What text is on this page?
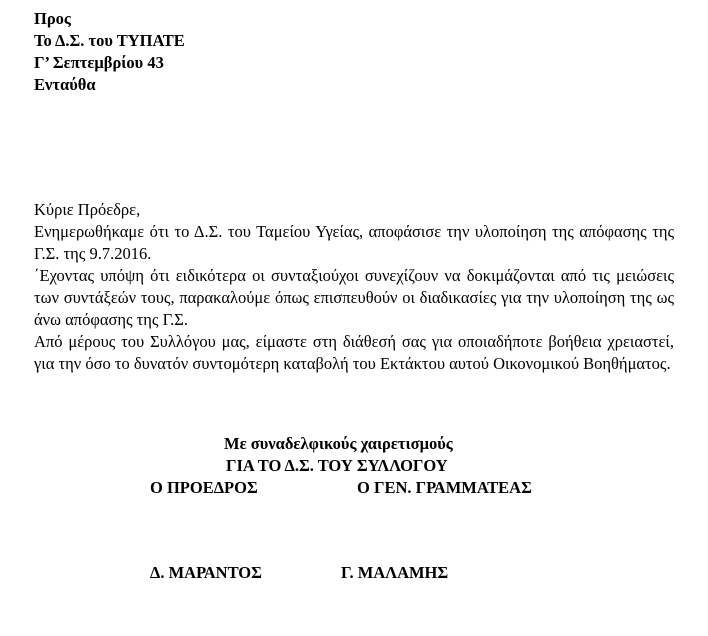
Προς
Το Δ.Σ. του ΤΥΠΑΤΕ
Γ’ Σεπτεμβρίου 43
Ενταύθα

Κύριε Πρόεδρε,

Ενημερωθήκαμε ότι το Δ.Σ. του Ταμείου Υγείας, αποφάσισε την υλοποίηση της απόφασης της Γ.Σ. της 9.7.2016.

΄Εχοντας υπόψη ότι ειδικότερα οι συνταξιούχοι συνεχίζουν να δοκιμάζονται από τις μειώσεις των συντάξεών τους, παρακαλούμε όπως επισπευθούν οι διαδικασίες για την υλοποίηση της ως άνω απόφασης της Γ.Σ.

Από μέρους του Συλλόγου μας, είμαστε στη διάθεσή σας για οποιαδήποτε βοήθεια χρειαστεί, για την όσο το δυνατόν συντομότερη καταβολή του Εκτάκτου αυτού Οικονομικού Βοηθήματος.

Με συναδελφικούς χαιρετισμούς
ΓΙΑ ΤΟ Δ.Σ. ΤΟΥ ΣΥΛΛΟΓΟΥ
Ο ΠΡΟΕΔΡΟΣ	Ο ΓΕΝ. ΓΡΑΜΜΑΤΕΑΣ
Δ. ΜΑΡΑΝΤΟΣ	Γ. ΜΑΛΑΜΗΣ
